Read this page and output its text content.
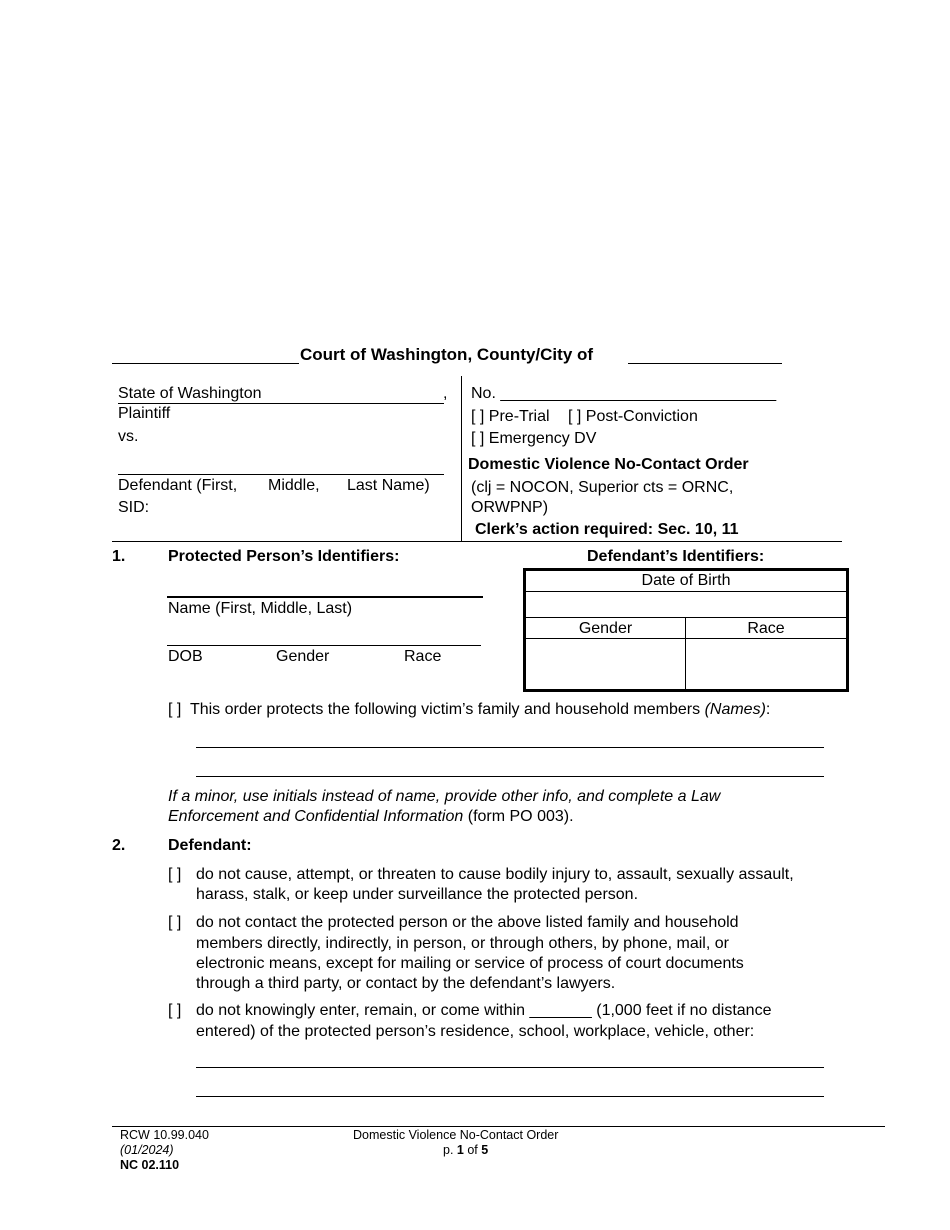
Court of Washington, County/City of
State of Washington	,
Plaintiff
vs.
Defendant (First, Middle, Last Name)
SID:
No. _______________________________
[ ] Pre-Trial [ ] Post-Conviction
[ ] Emergency DV
Domestic Violence No-Contact Order
(clj = NOCON, Superior cts = ORNC,
ORWPNP)
Clerk’s action required: Sec. 10, 11
1.	Protected Person’s Identifiers:
Name (First, Middle, Last)
DOB	Gender	Race
Defendant’s Identifiers:
Date of Birth
Gender	Race
[ ] This order protects the following victim’s family and household members (Names):
If a minor, use initials instead of name, provide other info, and complete a Law Enforcement and Confidential Information (form PO 003).
2.	Defendant:
[ ] do not cause, attempt, or threaten to cause bodily injury to, assault, sexually assault,
harass, stalk, or keep under surveillance the protected person.
[ ] do not contact the protected person or the above listed family and household
members directly, indirectly, in person, or through others, by phone, mail, or electronic means, except for mailing or service of process of court documents through a third party, or contact by the defendant’s lawyers.
[ ] do not knowingly enter, remain, or come within _______ (1,000 feet if no distance
entered) of the protected person’s residence, school, workplace, vehicle, other:
RCW 10.99.040
(01/2024)
NC 02.110
Domestic Violence No-Contact Order
p. 1 of 5
